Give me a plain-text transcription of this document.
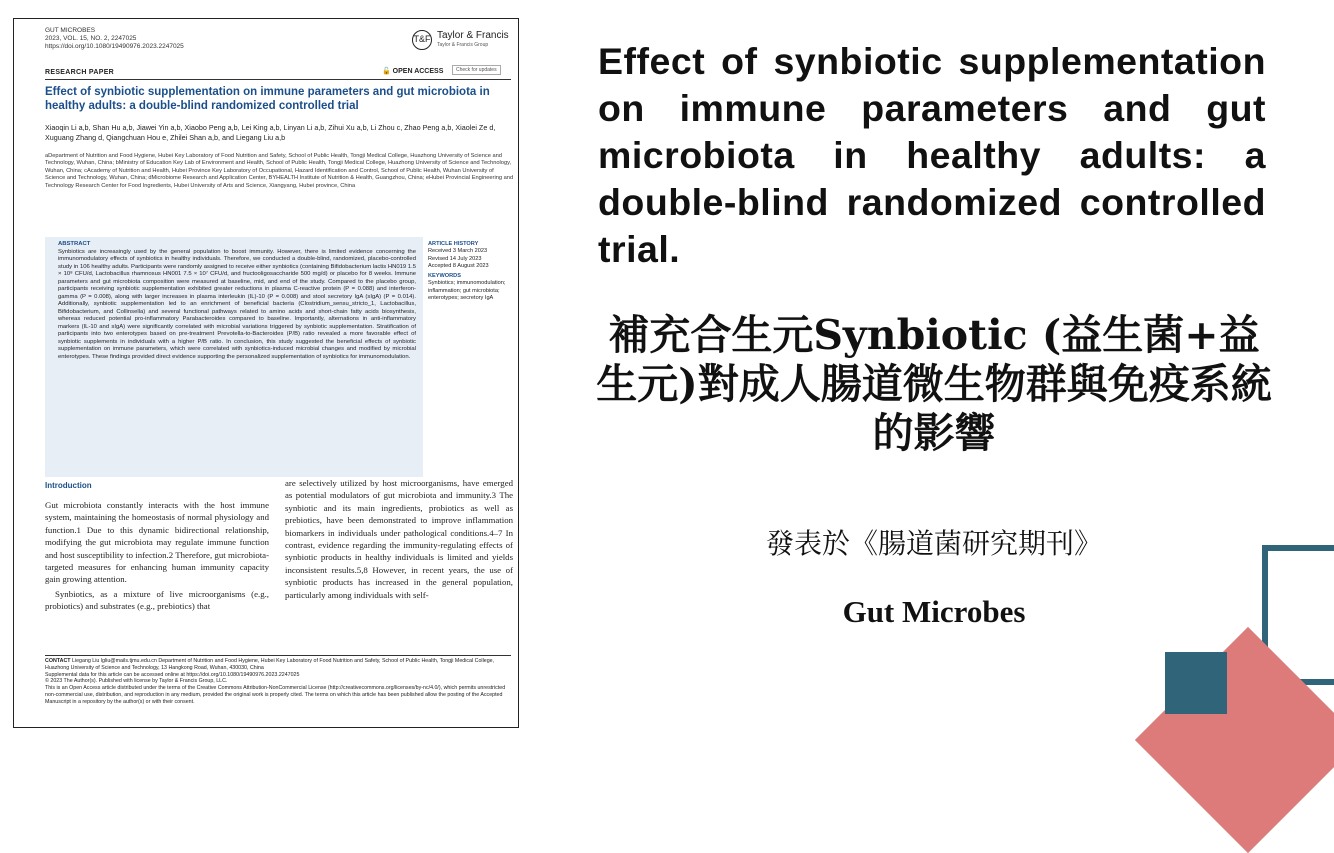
GUT MICROBES
2023, VOL. 15, NO. 2, 2247025
https://doi.org/10.1080/19490976.2023.2247025
T&F Taylor & Francis
Taylor & Francis Group
RESEARCH PAPER	🔓 OPEN ACCESS	Check for updates
Effect of synbiotic supplementation on immune parameters and gut microbiota in healthy adults: a double-blind randomized controlled trial
Xiaoqin Li a,b, Shan Hu a,b, Jiawei Yin a,b, Xiaobo Peng a,b, Lei King a,b, Linyan Li a,b, Zihui Xu a,b, Li Zhou c, Zhao Peng a,b, Xiaolei Ze d, Xuguang Zhang d, Qiangchuan Hou e, Zhilei Shan a,b, and Liegang Liu a,b
aDepartment of Nutrition and Food Hygiene, Hubei Key Laboratory of Food Nutrition and Safety, School of Public Health, Tongji Medical College, Huazhong University of Science and Technology, Wuhan, China; bMinistry of Education Key Lab of Environment and Health, School of Public Health, Tongji Medical College, Huazhong University of Science and Technology, Wuhan, China; cAcademy of Nutrition and Health, Hubei Province Key Laboratory of Occupational, Hazard Identification and Control, School of Public Health, Wuhan University of Science and Technology, Wuhan, China; dMicrobiome Research and Application Center, BYHEALTH Institute of Nutrition & Health, Guangzhou, China; eHubei Provincial Engineering and Technology Research Center for Food Ingredients, Hubei University of Arts and Science, Xiangyang, Hubei province, China
ABSTRACT
Synbiotics are increasingly used by the general population to boost immunity. However, there is limited evidence concerning the immunomodulatory effects of synbiotics in healthy individuals. Therefore, we conducted a double-blind, randomized, placebo-controlled study in 106 healthy adults. Participants were randomly assigned to receive either synbiotics (containing Bifidobacterium lactis HN019 1.5 × 10⁸ CFU/d, Lactobacillus rhamnosus HN001 7.5 × 10⁷ CFU/d, and fructooligosaccharide 500 mg/d) or placebo for 8 weeks. Immune parameters and gut microbiota composition were measured at baseline, mid, and end of the study. Compared to the placebo group, participants receiving synbiotic supplementation exhibited greater reductions in plasma C-reactive protein (P = 0.088) and interferon-gamma (P = 0.008), along with larger increases in plasma interleukin (IL)-10 (P = 0.008) and stool secretory IgA (sIgA) (P = 0.014). Additionally, synbiotic supplementation led to an enrichment of beneficial bacteria (Clostridium_sensu_stricto_1, Lactobacillus, Bifidobacterium, and Collinsella) and several functional pathways related to amino acids and short-chain fatty acids biosynthesis, whereas reduced potential pro-inflammatory Parabacteroides compared to baseline. Importantly, alternations in anti-inflammatory markers (IL-10 and sIgA) were significantly correlated with microbial variations triggered by synbiotic supplementation. Stratification of participants into two enterotypes based on pre-treatment Prevotella-to-Bacteroides (P/B) ratio revealed a more favorable effect of synbiotic supplements in individuals with a higher P/B ratio. In conclusion, this study suggested the beneficial effects of synbiotic supplementation on immune parameters, which were correlated with synbiotics-induced microbial changes and modified by microbial enterotypes. These findings provided direct evidence supporting the personalized supplementation of synbiotics for immunomodulation.
ARTICLE HISTORY
Received 3 March 2023
Revised 14 July 2023
Accepted 8 August 2023
KEYWORDS
Synbiotics; immunomodulation; inflammation; gut microbiota; enterotypes; secretory IgA
Introduction
Gut microbiota constantly interacts with the host immune system, maintaining the homeostasis of normal physiology and function.1 Due to this dynamic bidirectional relationship, modifying the gut microbiota may regulate immune function and host susceptibility to infection.2 Therefore, gut microbiota-targeted measures for enhancing human immunity capacity gain growing attention.
Synbiotics, as a mixture of live microorganisms (e.g., probiotics) and substrates (e.g., prebiotics) that
are selectively utilized by host microorganisms, have emerged as potential modulators of gut microbiota and immunity.3 The synbiotic and its main ingredients, probiotics as well as prebiotics, have been demonstrated to improve inflammation biomarkers in individuals under pathological conditions.4–7 In contrast, evidence regarding the immunity-regulating effects of synbiotic products in healthy individuals is limited and yields inconsistent results.5,8 However, in recent years, the use of synbiotic products has increased in the general population, particularly among individuals with self-
CONTACT Liegang Liu lgliu@mails.tjmu.edu.cn Department of Nutrition and Food Hygiene, Hubei Key Laboratory of Food Nutrition and Safety, School of Public Health, Tongji Medical College, Huazhong University of Science and Technology, 13 Hangkong Road, Wuhan, 430030, China
Supplemental data for this article can be accessed online at https://doi.org/10.1080/19490976.2023.2247025
© 2023 The Author(s). Published with license by Taylor & Francis Group, LLC.
This is an Open Access article distributed under the terms of the Creative Commons Attribution-NonCommercial License (http://creativecommons.org/licenses/by-nc/4.0/), which permits unrestricted non-commercial use, distribution, and reproduction in any medium, provided the original work is properly cited. The terms on which this article has been published allow the posting of the Accepted Manuscript in a repository by the author(s) or with their consent.
Effect of synbiotic supplementation on immune parameters and gut microbiota in healthy adults: a double-blind randomized controlled trial.
補充合生元Synbiotic (益生菌+益生元)對成人腸道微生物群與免疫系統的影響
發表於《腸道菌研究期刊》
Gut Microbes
